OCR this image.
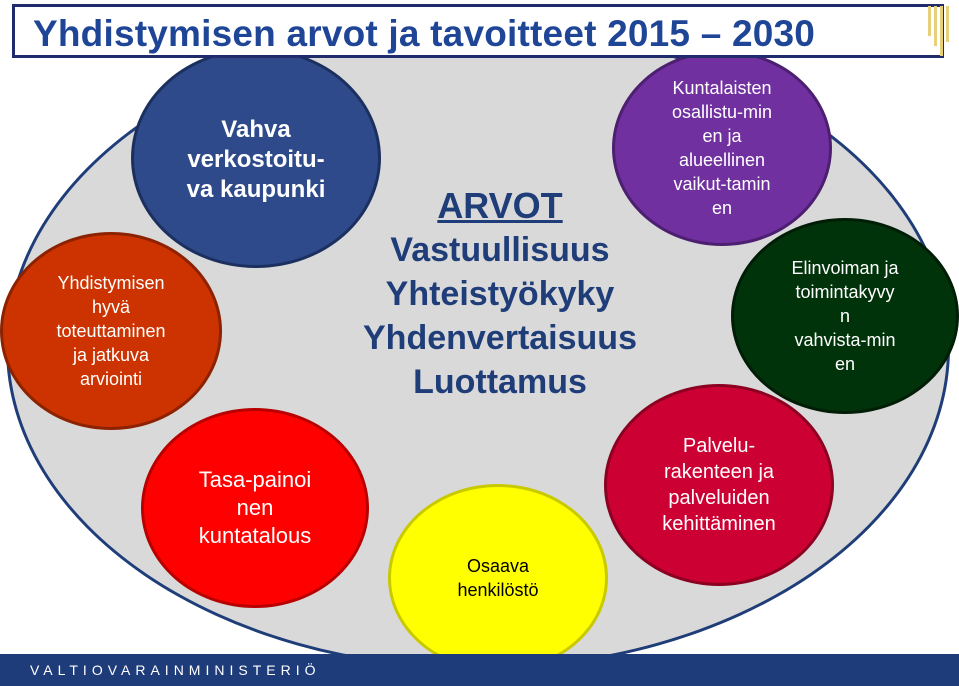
Yhdistymisen arvot ja tavoitteet 2015 – 2030
Vahva
verkostoitu-
va kaupunki
Yhdistymisen
hyvä
toteuttaminen
ja jatkuva
arviointi
Kuntalaisten
osallistu-min
en ja
alueellinen
vaikut-tamin
en
Elinvoiman ja
toimintakyvy
n
vahvista-min
en
Tasa-painoi
nen
kuntatalous
Osaava
henkilöstö
Palvelu-
rakenteen ja
palveluiden
kehittäminen
ARVOT
Vastuullisuus
Yhteistyökyky
Yhdenvertaisuus
Luottamus
VALTIOVARAINMINISTERIÖ
